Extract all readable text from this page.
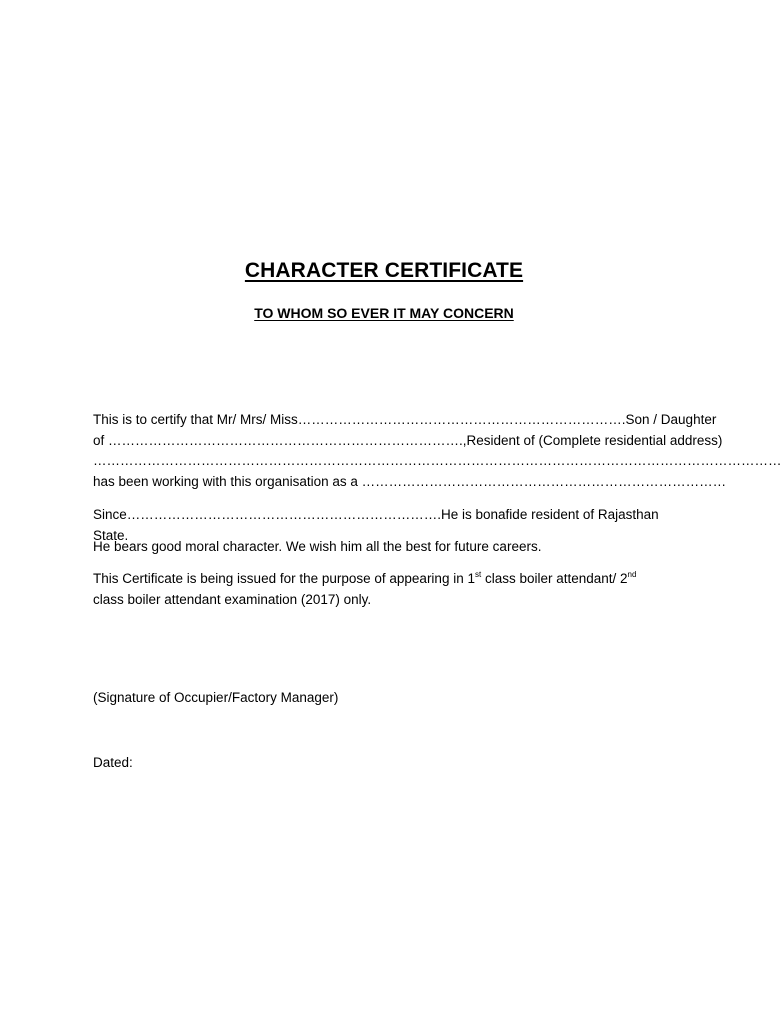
CHARACTER CERTIFICATE
TO WHOM SO EVER IT MAY CONCERN
This is to certify that Mr/ Mrs/ Miss……………………………………………………………….Son / Daughter
of ……………………………………………………………………., Resident of (Complete residential address)
………………………………………………………………………………………………………………………………………
has been working with this organisation as a ………………………………………………………………………
Since…………………………………………………………….He is bonafide resident of Rajasthan State.
He bears good moral character. We wish him all the best for future careers.
This Certificate is being issued for the purpose of appearing in 1st class boiler attendant/ 2nd
class boiler attendant examination (2017) only.
(Signature of Occupier/Factory Manager)
Dated:
